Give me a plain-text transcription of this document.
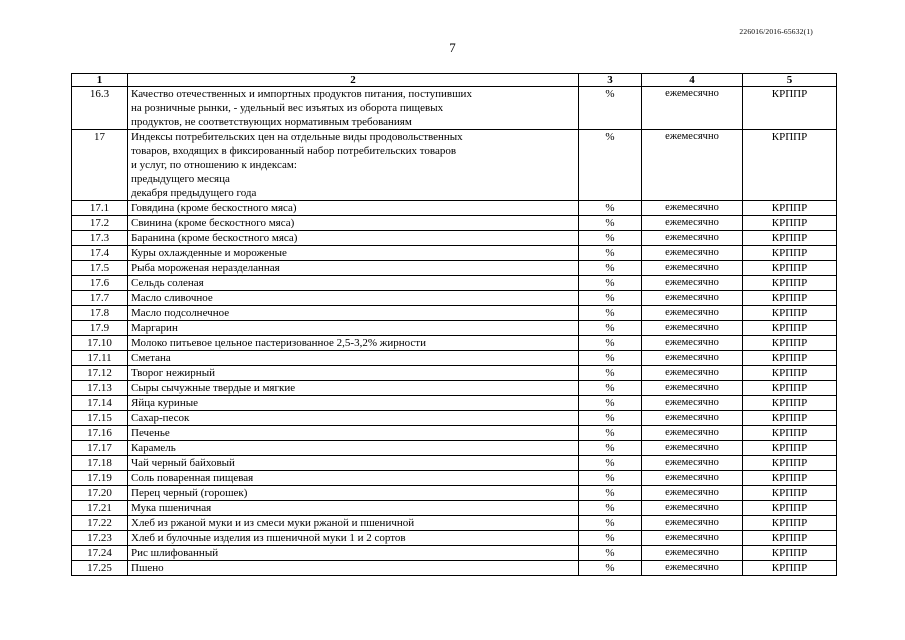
226016/2016-65632(1)
7
1	2	3	4	5
16.3	Качество отечественных и импортных продуктов питания, поступивших
на розничные рынки, - удельный вес изъятых из оборота пищевых
продуктов, не соответствующих нормативным требованиям	%	ежемесячно	КРППР
17	Индексы потребительских цен на отдельные виды продовольственных
товаров, входящих в фиксированный набор потребительских товаров
и услуг, по отношению к индексам:
предыдущего месяца
декабря предыдущего года	%	ежемесячно	КРППР
17.1	Говядина (кроме бескостного мяса)	%	ежемесячно	КРППР
17.2	Свинина (кроме бескостного мяса)	%	ежемесячно	КРППР
17.3	Баранина (кроме бескостного мяса)	%	ежемесячно	КРППР
17.4	Куры охлажденные и мороженые	%	ежемесячно	КРППР
17.5	Рыба мороженая неразделанная	%	ежемесячно	КРППР
17.6	Сельдь соленая	%	ежемесячно	КРППР
17.7	Масло сливочное	%	ежемесячно	КРППР
17.8	Масло подсолнечное	%	ежемесячно	КРППР
17.9	Маргарин	%	ежемесячно	КРППР
17.10	Молоко питьевое цельное пастеризованное 2,5-3,2% жирности	%	ежемесячно	КРППР
17.11	Сметана	%	ежемесячно	КРППР
17.12	Творог нежирный	%	ежемесячно	КРППР
17.13	Сыры сычужные твердые и мягкие	%	ежемесячно	КРППР
17.14	Яйца куриные	%	ежемесячно	КРППР
17.15	Сахар-песок	%	ежемесячно	КРППР
17.16	Печенье	%	ежемесячно	КРППР
17.17	Карамель	%	ежемесячно	КРППР
17.18	Чай черный байховый	%	ежемесячно	КРППР
17.19	Соль поваренная пищевая	%	ежемесячно	КРППР
17.20	Перец черный (горошек)	%	ежемесячно	КРППР
17.21	Мука пшеничная	%	ежемесячно	КРППР
17.22	Хлеб из ржаной муки и из смеси муки ржаной и пшеничной	%	ежемесячно	КРППР
17.23	Хлеб и булочные изделия из пшеничной муки 1 и 2 сортов	%	ежемесячно	КРППР
17.24	Рис шлифованный	%	ежемесячно	КРППР
17.25	Пшено	%	ежемесячно	КРППР
